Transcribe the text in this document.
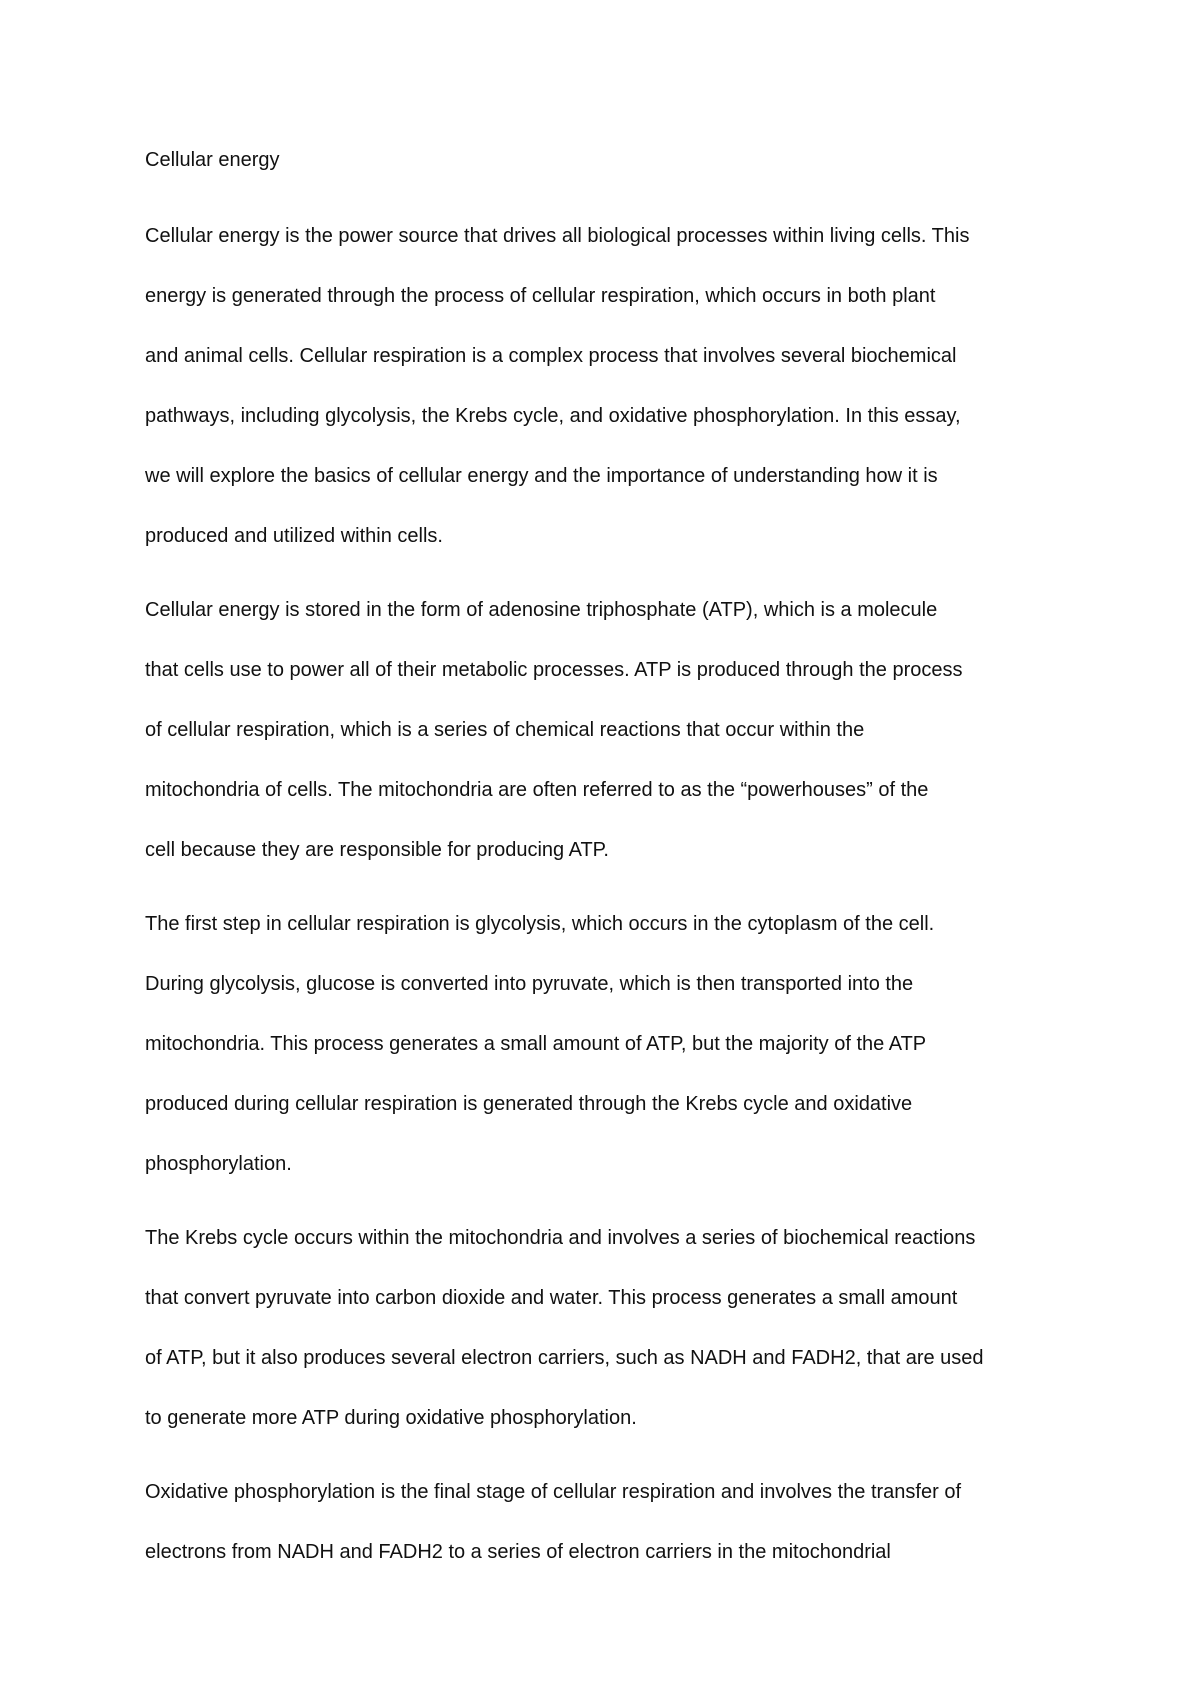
Cellular energy
Cellular energy is the power source that drives all biological processes within living cells. This
energy is generated through the process of cellular respiration, which occurs in both plant
and animal cells. Cellular respiration is a complex process that involves several biochemical
pathways, including glycolysis, the Krebs cycle, and oxidative phosphorylation. In this essay,
we will explore the basics of cellular energy and the importance of understanding how it is
produced and utilized within cells.
Cellular energy is stored in the form of adenosine triphosphate (ATP), which is a molecule
that cells use to power all of their metabolic processes. ATP is produced through the process
of cellular respiration, which is a series of chemical reactions that occur within the
mitochondria of cells. The mitochondria are often referred to as the “powerhouses” of the
cell because they are responsible for producing ATP.
The first step in cellular respiration is glycolysis, which occurs in the cytoplasm of the cell.
During glycolysis, glucose is converted into pyruvate, which is then transported into the
mitochondria. This process generates a small amount of ATP, but the majority of the ATP
produced during cellular respiration is generated through the Krebs cycle and oxidative
phosphorylation.
The Krebs cycle occurs within the mitochondria and involves a series of biochemical reactions
that convert pyruvate into carbon dioxide and water. This process generates a small amount
of ATP, but it also produces several electron carriers, such as NADH and FADH2, that are used
to generate more ATP during oxidative phosphorylation.
Oxidative phosphorylation is the final stage of cellular respiration and involves the transfer of
electrons from NADH and FADH2 to a series of electron carriers in the mitochondrial
